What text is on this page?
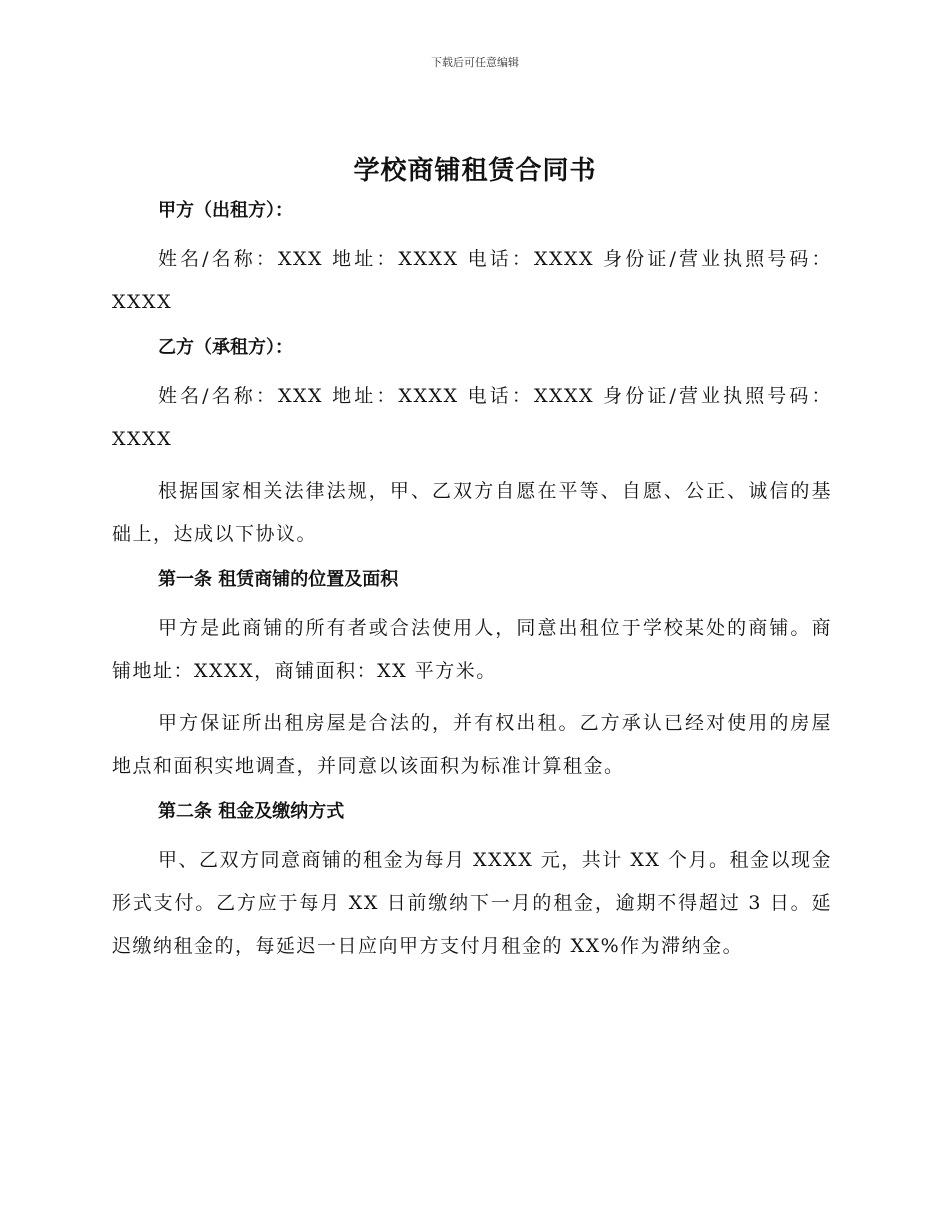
下载后可任意编辑
学校商铺租赁合同书

甲方（出租方）：

姓名/名称：XXX 地址：XXXX 电话：XXXX 身份证/营业执照号码：XXXX

乙方（承租方）：

姓名/名称：XXX 地址：XXXX 电话：XXXX 身份证/营业执照号码：XXXX

根据国家相关法律法规，甲、乙双方自愿在平等、自愿、公正、诚信的基础上，达成以下协议。

第一条 租赁商铺的位置及面积

甲方是此商铺的所有者或合法使用人，同意出租位于学校某处的商铺。商铺地址：XXXX，商铺面积：XX 平方米。

甲方保证所出租房屋是合法的，并有权出租。乙方承认已经对使用的房屋地点和面积实地调查，并同意以该面积为标准计算租金。

第二条 租金及缴纳方式

甲、乙双方同意商铺的租金为每月 XXXX 元，共计 XX 个月。租金以现金形式支付。乙方应于每月 XX 日前缴纳下一月的租金，逾期不得超过 3 日。延迟缴纳租金的，每延迟一日应向甲方支付月租金的 XX%作为滞纳金。
